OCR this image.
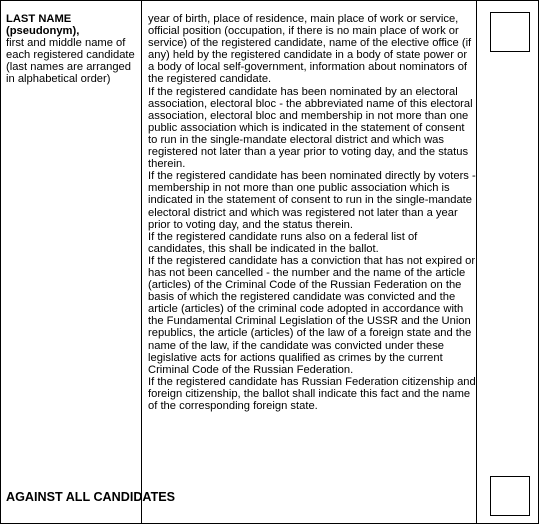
LAST NAME (pseudonym),

first and middle name of each registered candidate (last names are arranged in alphabetical order)

year of birth, place of residence, main place of work or service, official position (occupation, if there is no main place of work or service) of the registered candidate, name of the elective office (if any) held by the registered candidate in a body of state power or a body of local self-government, information about nominators of the registered candidate.

If the registered candidate has been nominated by an electoral association, electoral bloc - the abbreviated name of this electoral association, electoral bloc and membership in not more than one public association which is indicated in the statement of consent to run in the single-mandate electoral district and which was registered not later than a year prior to voting day, and the status therein.

If the registered candidate has been nominated directly by voters - membership in not more than one public association which is indicated in the statement of consent to run in the single-mandate electoral district and which was registered not later than a year prior to voting day, and the status therein.

If the registered candidate runs also on a federal list of candidates, this shall be indicated in the ballot.

If the registered candidate has a conviction that has not expired or has not been cancelled - the number and the name of the article (articles) of the Criminal Code of the Russian Federation on the basis of which the registered candidate was convicted and the article (articles) of the criminal code adopted in accordance with the Fundamental Criminal Legislation of the USSR and the Union republics, the article (articles) of the law of a foreign state and the name of the law, if the candidate was convicted under these legislative acts for actions qualified as crimes by the current Criminal Code of the Russian Federation.

If the registered candidate has Russian Federation citizenship and foreign citizenship, the ballot shall indicate this fact and the name of the corresponding foreign state.

AGAINST ALL CANDIDATES
